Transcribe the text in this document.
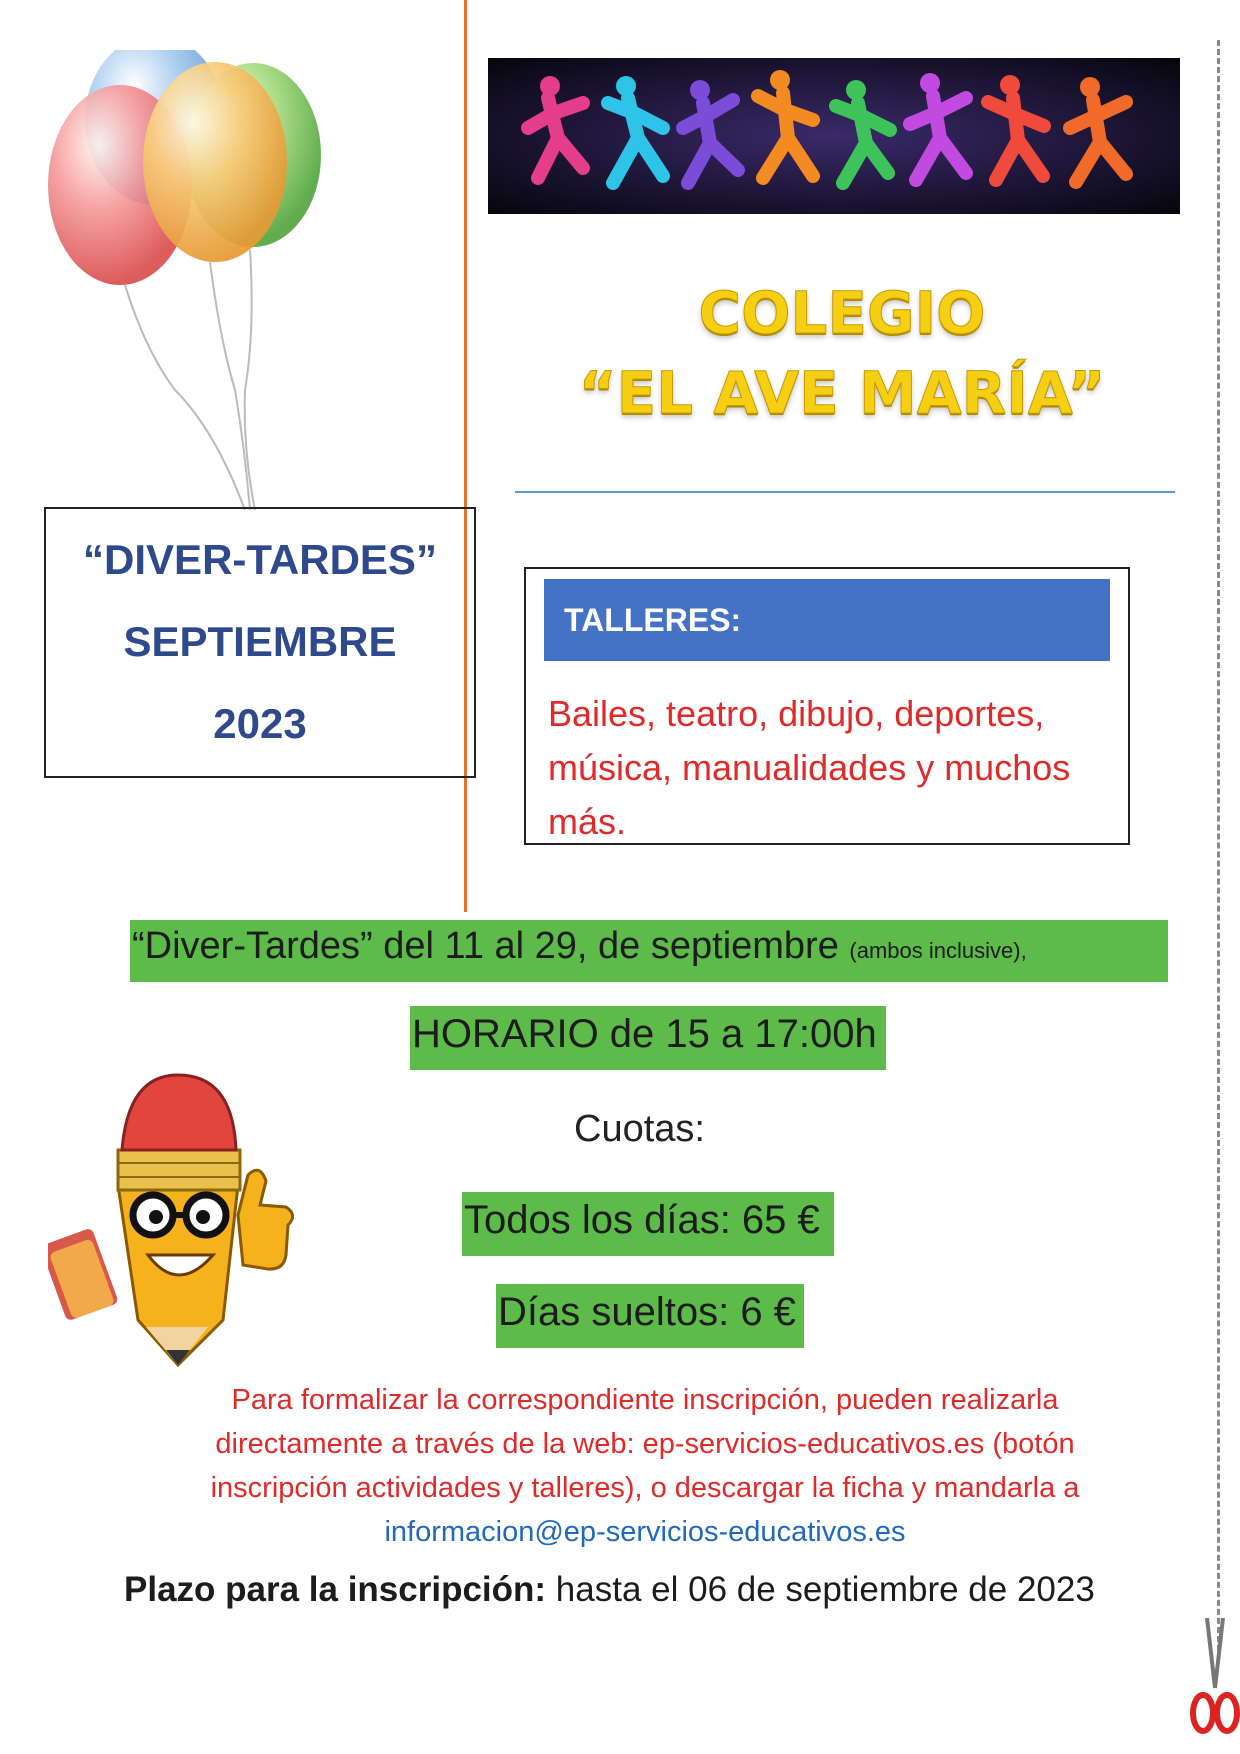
COLEGIO
“EL AVE MARÍA”
“DIVER-TARDES”
SEPTIEMBRE
2023
TALLERES:
Bailes, teatro, dibujo, deportes, música, manualidades y muchos más.
“Diver-Tardes” del 11 al 29, de septiembre (ambos inclusive),
HORARIO de 15 a 17:00h
Cuotas:
Todos los días: 65 €
Días sueltos: 6 €
Para formalizar la correspondiente inscripción, pueden realizarla
directamente a través de la web: ep-servicios-educativos.es (botón
inscripción actividades y talleres), o descargar la ficha y mandarla a
informacion@ep-servicios-educativos.es
Plazo para la inscripción: hasta el 06 de septiembre de 2023
